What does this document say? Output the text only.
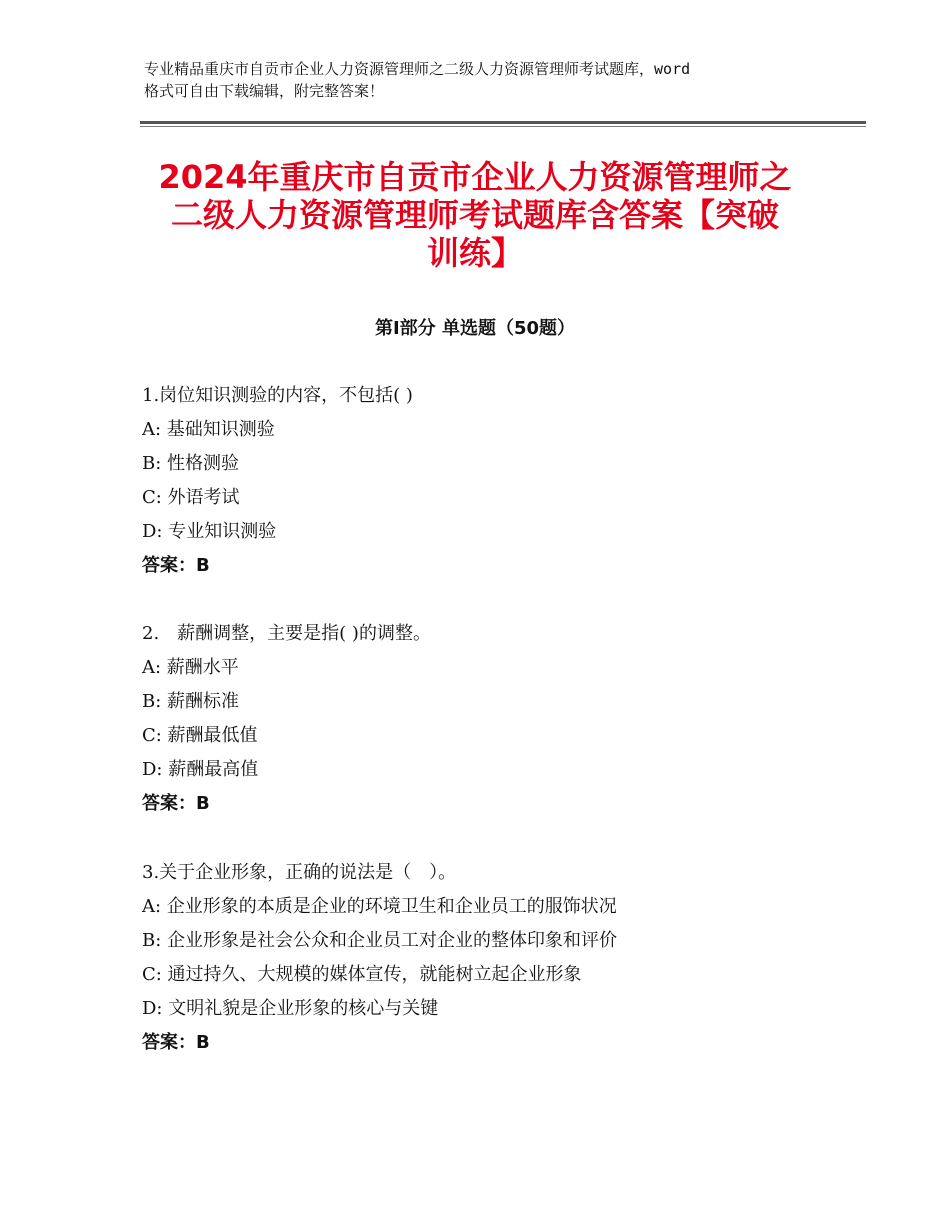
专业精品重庆市自贡市企业人力资源管理师之二级人力资源管理师考试题库，word
格式可自由下载编辑，附完整答案！
2024年重庆市自贡市企业人力资源管理师之
二级人力资源管理师考试题库含答案【突破
训练】
第Ⅰ部分 单选题（50题）
1.岗位知识测验的内容，不包括( )
A: 基础知识测验
B: 性格测验
C: 外语考试
D: 专业知识测验
答案：B
2.　薪酬调整，主要是指( )的调整。
A: 薪酬水平
B: 薪酬标准
C: 薪酬最低值
D: 薪酬最高值
答案：B
3.关于企业形象，正确的说法是（　）。
A: 企业形象的本质是企业的环境卫生和企业员工的服饰状况
B: 企业形象是社会公众和企业员工对企业的整体印象和评价
C: 通过持久、大规模的媒体宣传，就能树立起企业形象
D: 文明礼貌是企业形象的核心与关键
答案：B
